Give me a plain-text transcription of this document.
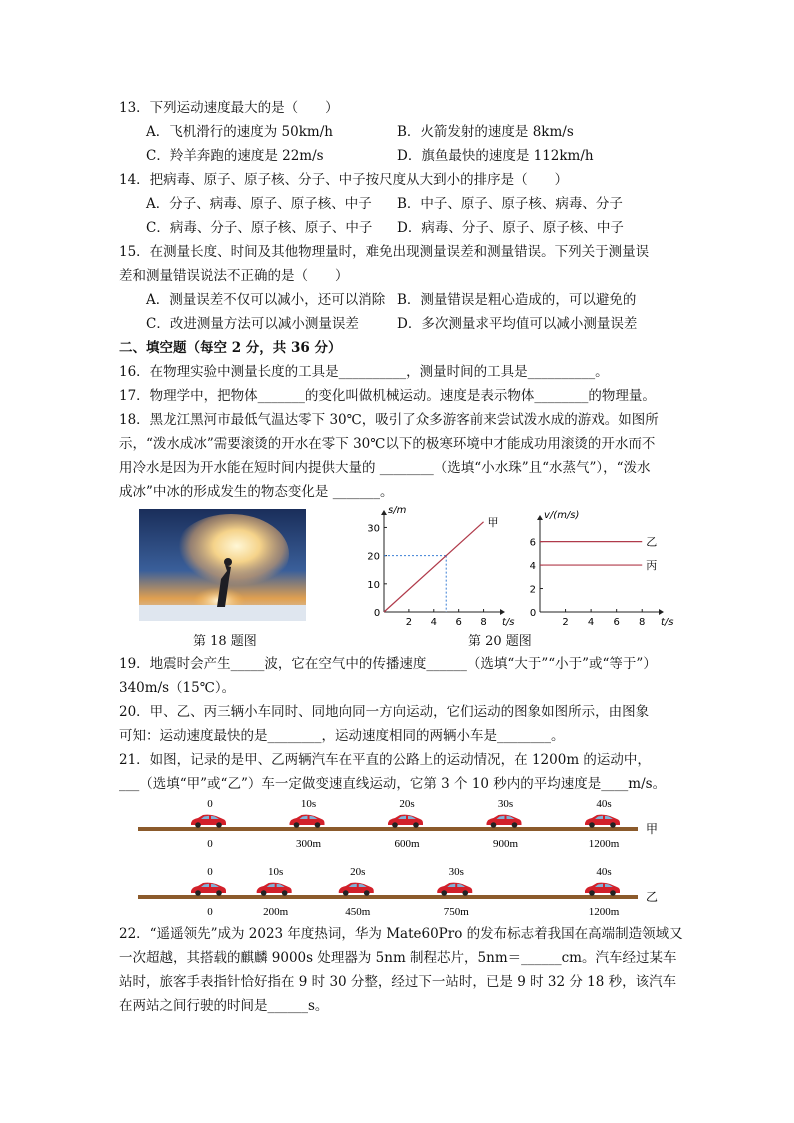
13．下列运动速度最大的是（　　）
A．飞机滑行的速度为 50km/h	B．火箭发射的速度是 8km/s
C．羚羊奔跑的速度是 22m/s	D．旗鱼最快的速度是 112km/h
14．把病毒、原子、原子核、分子、中子按尺度从大到小的排序是（　　）
A．分子、病毒、原子、原子核、中子 B．中子、原子、原子核、病毒、分子
C．病毒、分子、原子核、原子、中子 D．病毒、分子、原子、原子核、中子
15．在测量长度、时间及其他物理量时，难免出现测量误差和测量错误。下列关于测量误
差和测量错误说法不正确的是（　　）
A．测量误差不仅可以减小，还可以消除 B．测量错误是粗心造成的，可以避免的
C．改进测量方法可以减小测量误差	D．多次测量求平均值可以减小测量误差
二、填空题（每空 2 分，共 36 分）
16．在物理实验中测量长度的工具是__________，测量时间的工具是__________。
17．物理学中，把物体_______的变化叫做机械运动。速度是表示物体________的物理量。
18．黑龙江黑河市最低气温达零下 30℃，吸引了众多游客前来尝试泼水成的游戏。如图所
示，“泼水成冰”需要滚烫的开水在零下 30℃以下的极寒环境中才能成功用滚烫的开水而不
用冷水是因为开水能在短时间内提供大量的 ________（选填“小水珠”且“水蒸气”），“泼水
成冰”中冰的形成发生的物态变化是 _______。
第 18 题图
0
2 4 6 8
10
20
30
t/s
s/m
甲
0
2 4 6 8
2
4
6
t/s
v/(m/s)
乙
丙
第 20 题图
19．地震时会产生_____波，它在空气中的传播速度______（选填“大于”“小于”或“等于”）
340m/s（15℃）。
20．甲、乙、丙三辆小车同时、同地向同一方向运动，它们运动的图象如图所示，由图象
可知：运动速度最快的是________，运动速度相同的两辆小车是________。
21．如图，记录的是甲、乙两辆汽车在平直的公路上的运动情况，在 1200m 的运动中，
___（选填“甲”或“乙”）车一定做变速直线运动，它第 3 个 10 秒内的平均速度是____m/s。
甲
0
0
10s
300m
20s
600m
30s
900m
40s
1200m
乙
0
0
10s
200m
20s
450m
30s
750m
40s
1200m
22．“遥遥领先”成为 2023 年度热词，华为 Mate60Pro 的发布标志着我国在高端制造领域又
一次超越，其搭载的麒麟 9000s 处理器为 5nm 制程芯片，5nm＝______cm。汽车经过某车
站时，旅客手表指针恰好指在 9 时 30 分整，经过下一站时，已是 9 时 32 分 18 秒，该汽车
在两站之间行驶的时间是______s。
